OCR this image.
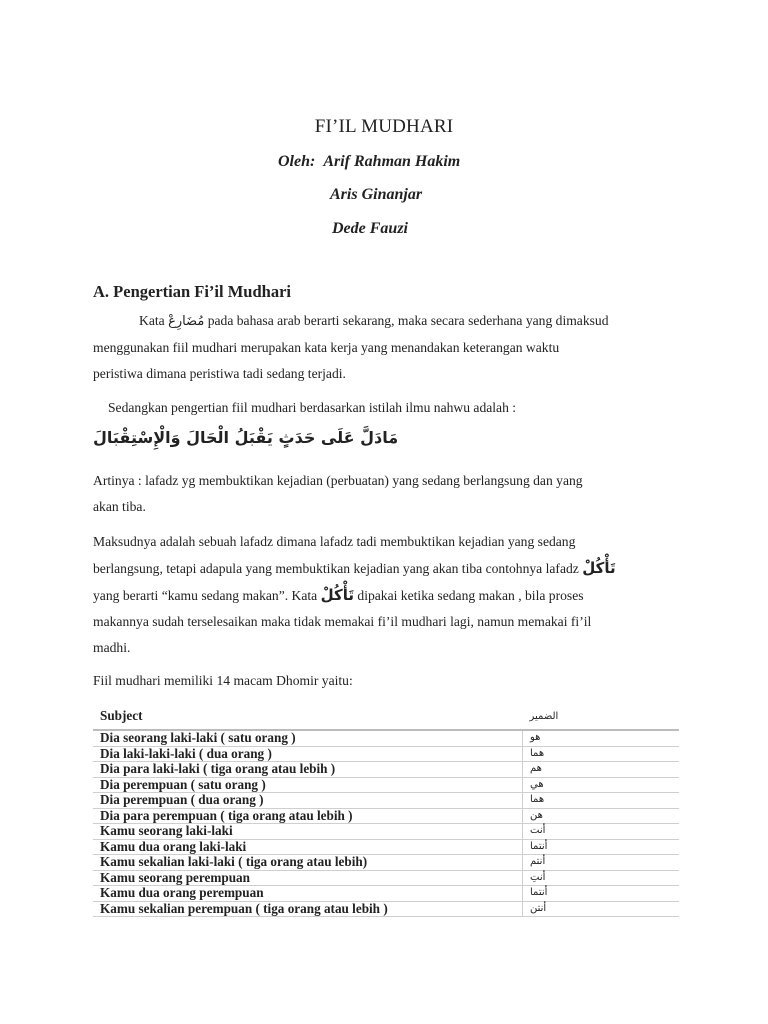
FI’IL MUDHARI
Oleh: Arif Rahman Hakim
Aris Ginanjar
Dede Fauzi
A. Pengertian Fi’il Mudhari
Kata مُضَارِعْ pada bahasa arab berarti sekarang, maka secara sederhana yang dimaksud
menggunakan fiil mudhari merupakan kata kerja yang menandakan keterangan waktu
peristiwa dimana peristiwa tadi sedang terjadi.
Sedangkan pengertian fiil mudhari berdasarkan istilah ilmu nahwu adalah :
مَادَلَّ عَلَى حَدَثٍ يَقْبَلُ الْحَالَ وَالْإِسْتِقْبَالَ
Artinya : lafadz yg membuktikan kejadian (perbuatan) yang sedang berlangsung dan yang
akan tiba.
Maksudnya adalah sebuah lafadz dimana lafadz tadi membuktikan kejadian yang sedang
berlangsung, tetapi adapula yang membuktikan kejadian yang akan tiba contohnya lafadz تَأْكُلْ
yang berarti “kamu sedang makan”. Kata تَأْكُلْ dipakai ketika sedang makan , bila proses
makannya sudah terselesaikan maka tidak memakai fi’il mudhari lagi, namun memakai fi’il
madhi.
Fiil mudhari memiliki 14 macam Dhomir yaitu:
Subject	الضمير
Dia seorang laki-laki ( satu orang )	هو
Dia laki-laki-laki ( dua orang )	هما
Dia para laki-laki ( tiga orang atau lebih )	هم
Dia perempuan ( satu orang )	هي
Dia perempuan ( dua orang )	هما
Dia para perempuan ( tiga orang atau lebih )	هن
Kamu seorang laki-laki	أنت
Kamu dua orang laki-laki	أنتما
Kamu sekalian laki-laki ( tiga orang atau lebih)	أنتم
Kamu seorang perempuan	أنتِ
Kamu dua orang perempuan	أنتما
Kamu sekalian perempuan ( tiga orang atau lebih )	أنتن
